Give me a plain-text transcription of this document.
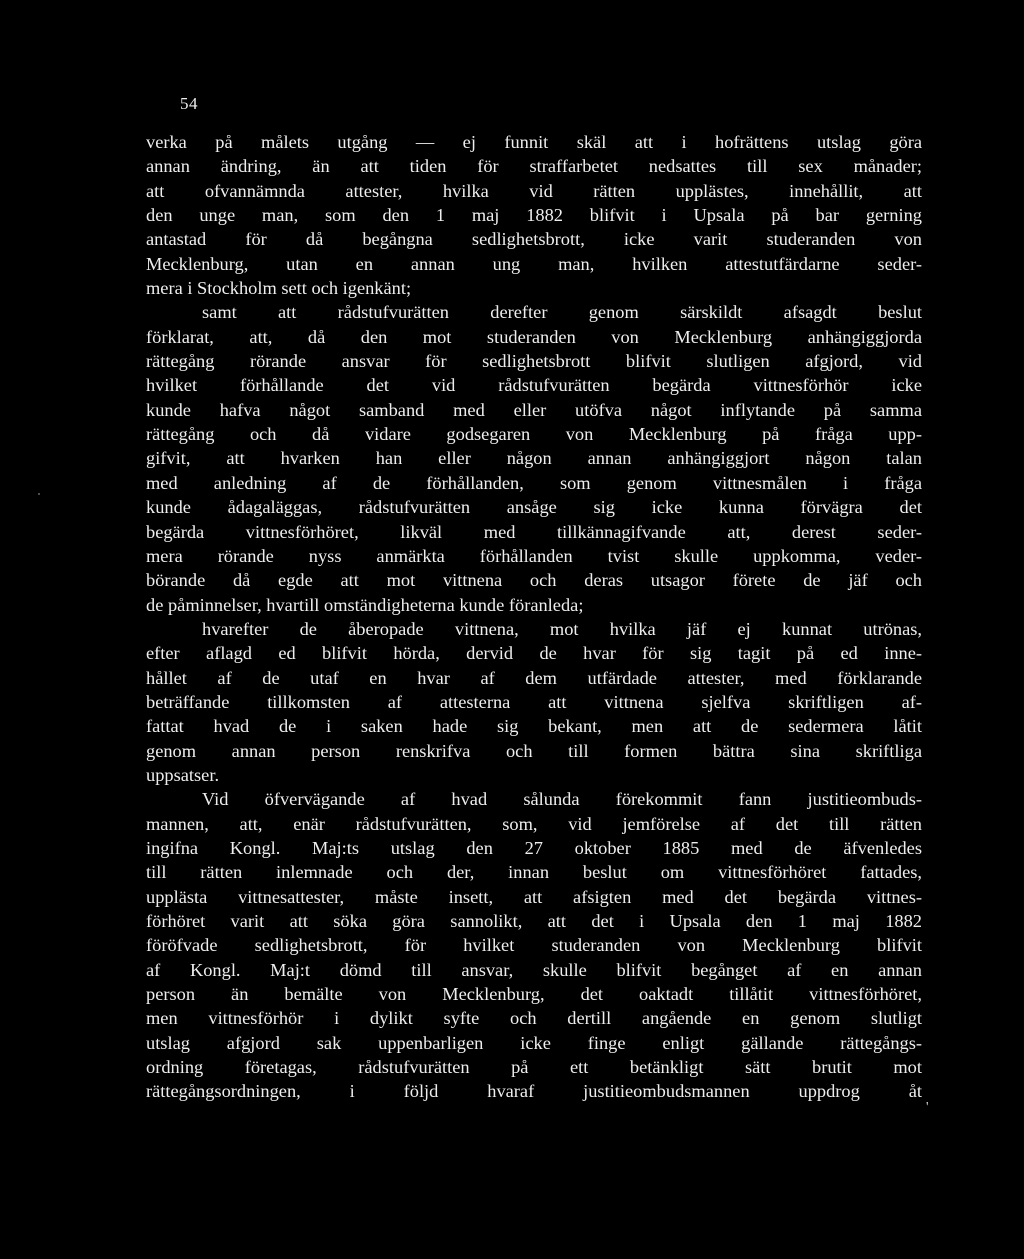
54
verka på målets utgång — ej funnit skäl att i hofrättens utslag göra
annan ändring, än att tiden för straffarbetet nedsattes till sex månader;
att ofvannämnda attester, hvilka vid rätten upplästes, innehållit, att
den unge man, som den 1 maj 1882 blifvit i Upsala på bar gerning
antastad för då begångna sedlighetsbrott, icke varit studeranden von
Mecklenburg, utan en annan ung man, hvilken attestutfärdarne seder-
mera i Stockholm sett och igenkänt;
samt att rådstufvurätten derefter genom särskildt afsagdt beslut
förklarat, att, då den mot studeranden von Mecklenburg anhängiggjorda
rättegång rörande ansvar för sedlighetsbrott blifvit slutligen afgjord, vid
hvilket förhållande det vid rådstufvurätten begärda vittnesförhör icke
kunde hafva något samband med eller utöfva något inflytande på samma
rättegång och då vidare godsegaren von Mecklenburg på fråga upp-
gifvit, att hvarken han eller någon annan anhängiggjort någon talan
med anledning af de förhållanden, som genom vittnesmålen i fråga
kunde ådagaläggas, rådstufvurätten ansåge sig icke kunna förvägra det
begärda vittnesförhöret, likväl med tillkännagifvande att, derest seder-
mera rörande nyss anmärkta förhållanden tvist skulle uppkomma, veder-
börande då egde att mot vittnena och deras utsagor förete de jäf och
de påminnelser, hvartill omständigheterna kunde föranleda;
hvarefter de åberopade vittnena, mot hvilka jäf ej kunnat utrönas,
efter aflagd ed blifvit hörda, dervid de hvar för sig tagit på ed inne-
hållet af de utaf en hvar af dem utfärdade attester, med förklarande
beträffande tillkomsten af attesterna att vittnena sjelfva skriftligen af-
fattat hvad de i saken hade sig bekant, men att de sedermera låtit
genom annan person renskrifva och till formen bättra sina skriftliga
uppsatser.
Vid öfvervägande af hvad sålunda förekommit fann justitieombuds-
mannen, att, enär rådstufvurätten, som, vid jemförelse af det till rätten
ingifna Kongl. Maj:ts utslag den 27 oktober 1885 med de äfvenledes
till rätten inlemnade och der, innan beslut om vittnesförhöret fattades,
upplästa vittnesattester, måste insett, att afsigten med det begärda vittnes-
förhöret varit att söka göra sannolikt, att det i Upsala den 1 maj 1882
föröfvade sedlighetsbrott, för hvilket studeranden von Mecklenburg blifvit
af Kongl. Maj:t dömd till ansvar, skulle blifvit begånget af en annan
person än bemälte von Mecklenburg, det oaktadt tillåtit vittnesförhöret,
men vittnesförhör i dylikt syfte och dertill angående en genom slutligt
utslag afgjord sak uppenbarligen icke finge enligt gällande rättegångs-
ordning företagas, rådstufvurätten på ett betänkligt sätt brutit mot
rättegångsordningen, i följd hvaraf justitieombudsmannen uppdrog åt
'
